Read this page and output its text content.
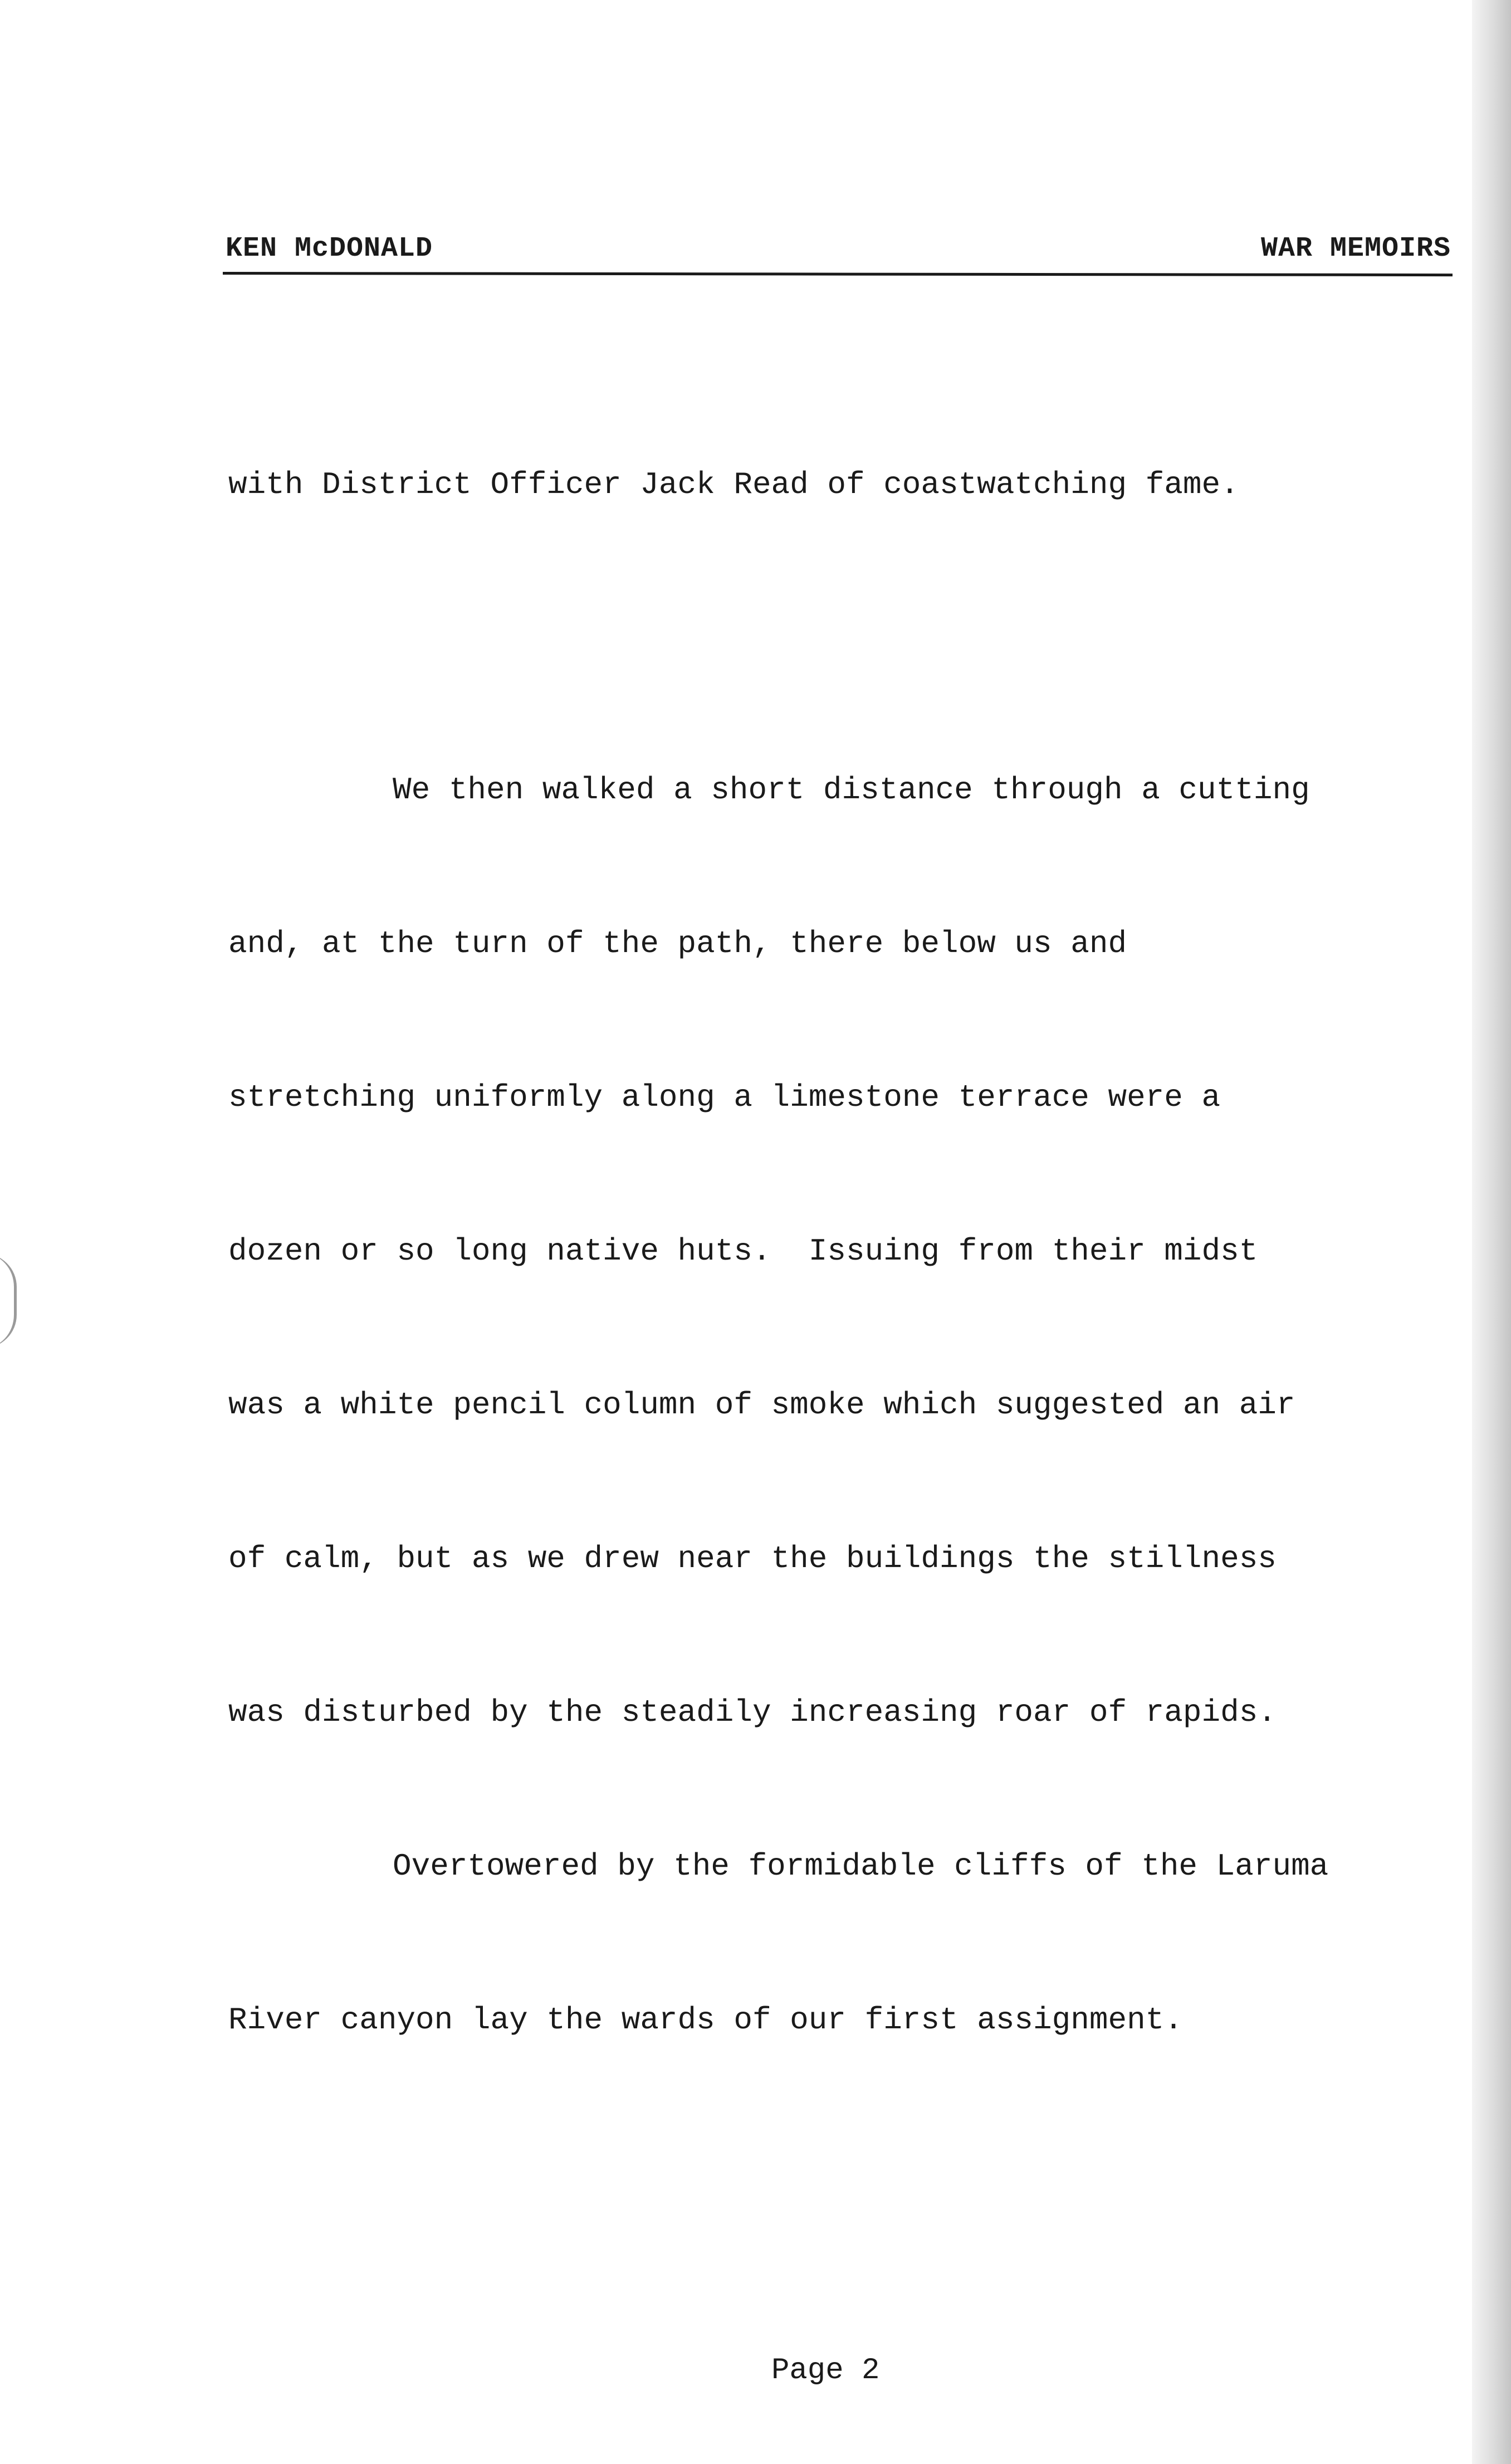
KEN McDONALD	WAR MEMOIRS

with District Officer Jack Read of coastwatching fame.

We then walked a short distance through a cutting

and, at the turn of the path, there below us and

stretching uniformly along a limestone terrace were a

dozen or so long native huts.  Issuing from their midst

was a white pencil column of smoke which suggested an air

of calm, but as we drew near the buildings the stillness

was disturbed by the steadily increasing roar of rapids.

Overtowered by the formidable cliffs of the Laruma

River canyon lay the wards of our first assignment.

Page 2
